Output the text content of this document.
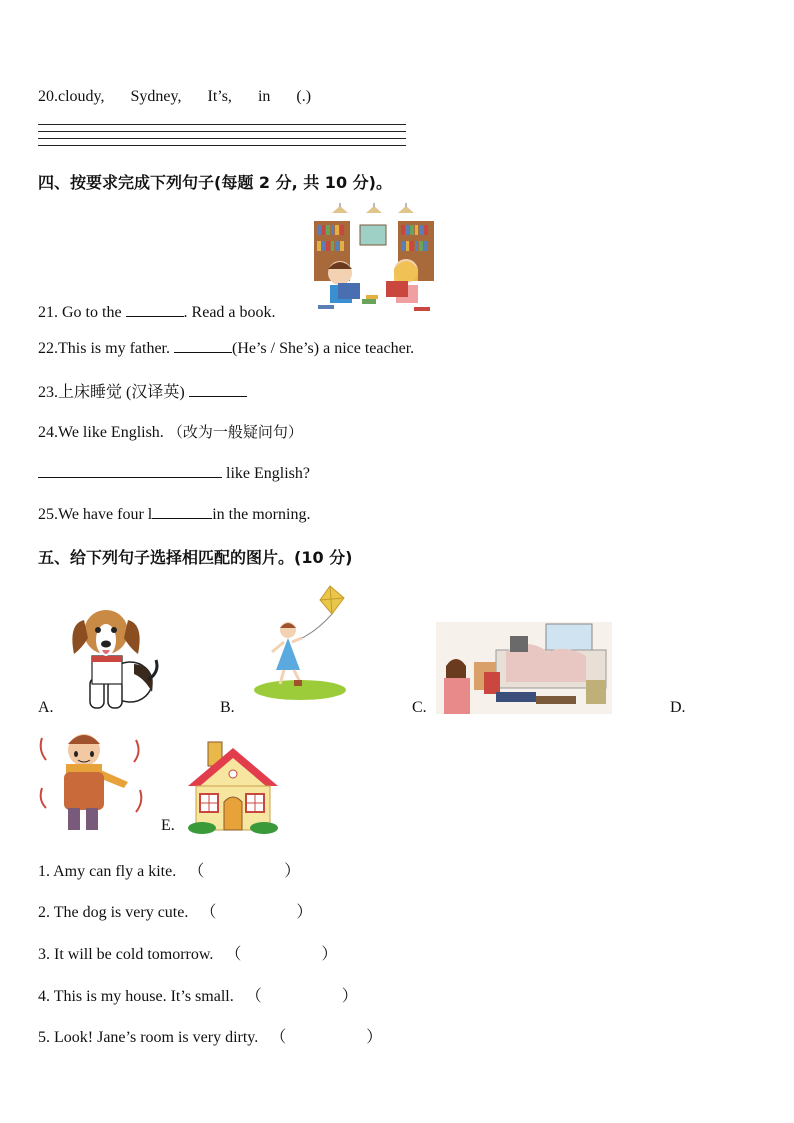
20.cloudy, Sydney, It’s, in (.)
四、按要求完成下列句子(每题 2 分, 共 10 分)。
21. Go to the	. Read a book.
22.This is my father.	(He’s / She’s) a nice teacher.
23.上床睡觉 (汉译英)
24.We like English. （改为一般疑问句）
like English?
25.We have four l	in the morning.
五、给下列句子选择相匹配的图片。(10 分)
A.	B.	C.	D.
E.
1. Amy can fly a kite. （	）
2. The dog is very cute. （	）
3. It will be cold tomorrow. （	）
4. This is my house. It’s small. （	）
5. Look! Jane’s room is very dirty. （	）
